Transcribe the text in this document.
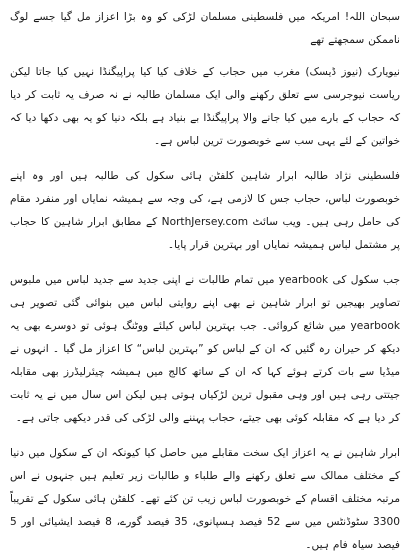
سبحان اللہ! امریکہ میں فلسطینی مسلمان لڑکی کو وہ بڑا اعزاز مل گیا جسے لوگ ناممکن سمجھتے تھے

نیویارک (نیوز ڈیسک) مغرب میں حجاب کے خلاف کیا کیا پراپیگنڈا نہیں کیا جاتا لیکن ریاست نیوجرسی سے تعلق رکھنے والی ایک مسلمان طالبہ نے نہ صرف یہ ثابت کر دیا کہ حجاب کے بارے میں کیا جانے والا پراپیگنڈا بے بنیاد ہے بلکہ دنیا کو یہ بھی دکھا دیا کہ خواتین کے لئے یہی سب سے خوبصورت ترین لباس ہے۔

فلسطینی نژاد طالبہ ابرار شاہین کلفٹن ہائی سکول کی طالبہ ہیں اور وہ اپنے خوبصورت لباس، حجاب جس کا لازمی ہے، کی وجہ سے ہمیشہ نمایاں اور منفرد مقام کی حامل رہی ہیں۔ ویب سائٹ NorthJersey.com کے مطابق ابرار شاہین کا حجاب پر مشتمل لباس ہمیشہ نمایاں اور بہترین قرار پایا۔

جب سکول کی yearbook میں تمام طالبات نے اپنی جدید سے جدید لباس میں ملبوس تصاویر بھیجیں تو ابرار شاہین نے بھی اپنے روایتی لباس میں بنوائی گئی تصویر ہی yearbook میں شائع کروائی۔ جب بہترین لباس کیلئے ووٹنگ ہوئی تو دوسرے بھی یہ دیکھ کر حیران رہ گئیں کہ ان کے لباس کو ”بہترین لباس“ کا اعزاز مل گیا ۔ انہوں نے میڈیا سے بات کرتے ہوئے کہا کہ ان کے ساتھ کالج میں ہمیشہ چیئرلیڈرز بھی مقابلہ جیتتی رہی ہیں اور وہی مقبول ترین لڑکیاں ہوتی ہیں لیکن اس سال میں نے یہ ثابت کر دیا ہے کہ مقابلہ کوئی بھی جیتے، حجاب پہننے والی لڑکی کی قدر دیکھی جاتی ہے۔

ابرار شاہین نے یہ اعزاز ایک سخت مقابلے میں حاصل کیا کیونکہ ان کے سکول میں دنیا کے مختلف ممالک سے تعلق رکھنے والے طلباء و طالبات زیر تعلیم ہیں جنہوں نے اس مرتبہ مختلف اقسام کے خوبصورت لباس زیب تن کئے تھے۔ کلفٹن ہائی سکول کے تقریباً 3300 سٹوڈنٹس میں سے 52 فیصد ہسپانوی، 35 فیصد گورے، 8 فیصد ایشیائی اور 5 فیصد سیاہ فام ہیں۔
